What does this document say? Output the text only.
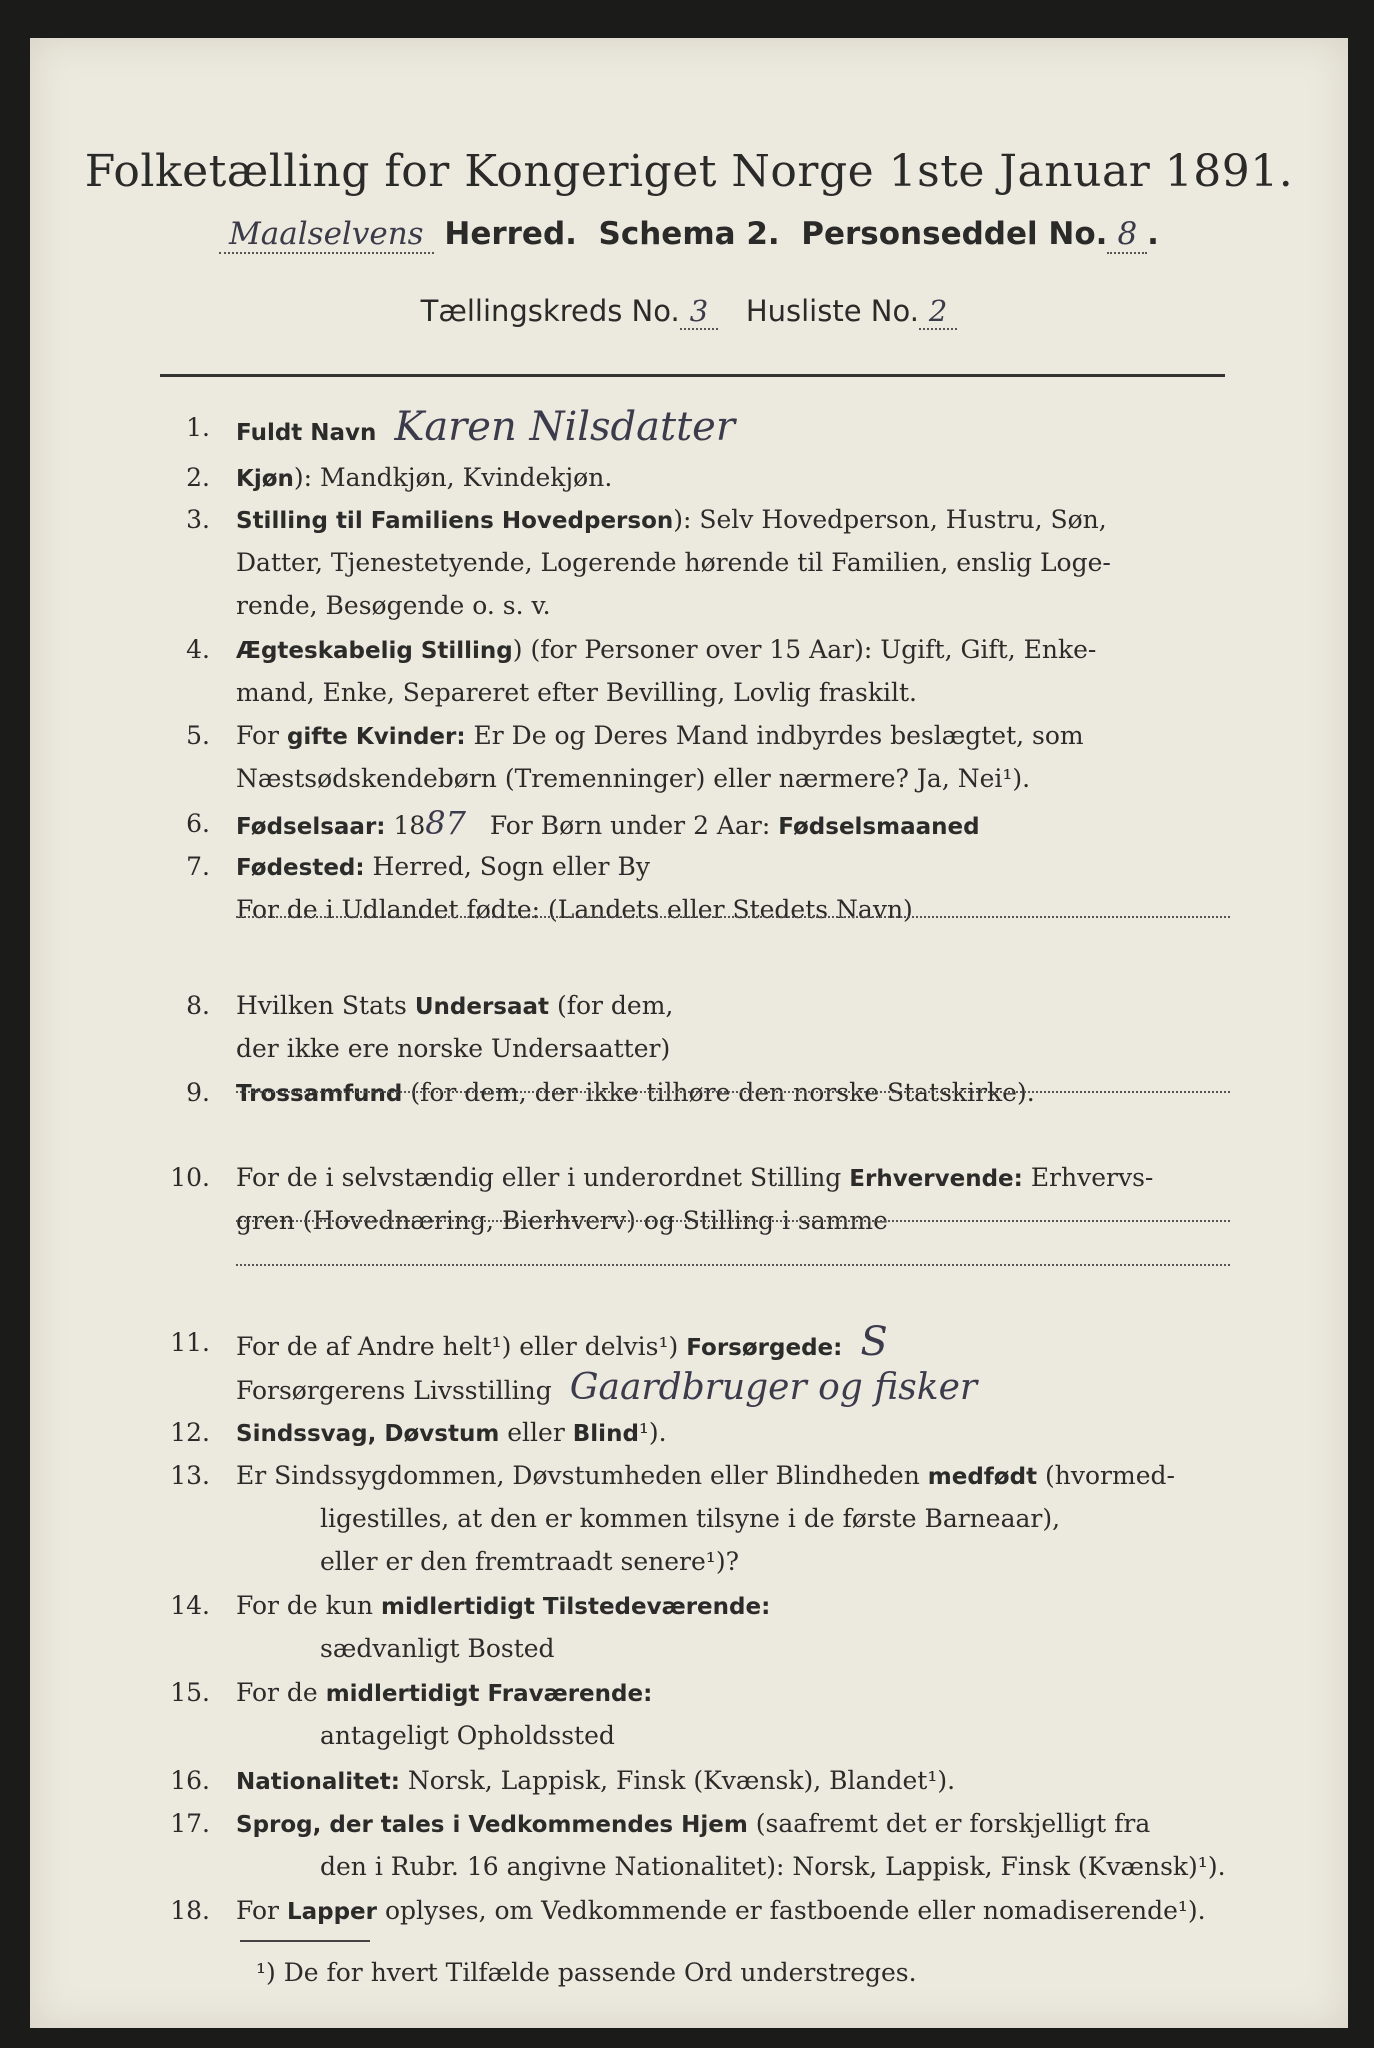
Folketælling for Kongeriget Norge 1ste Januar 1891.
Maalselvens Herred. Schema 2. Personseddel No. 8 .
Tællingskreds No. 3 Husliste No. 2
1. Fuldt Navn Karen Nilsdatter
2. Kjøn): Mandkjøn, Kvindekjøn.
3. Stilling til Familiens Hovedperson): Selv Hovedperson, Hustru, Søn,
Datter, Tjenestetyende, Logerende hørende til Familien, enslig Loge-
rende, Besøgende o. s. v.
4. Ægteskabelig Stilling) (for Personer over 15 Aar): Ugift, Gift, Enke-
mand, Enke, Separeret efter Bevilling, Lovlig fraskilt.
5. For gifte Kvinder: Er De og Deres Mand indbyrdes beslægtet, som
Næstsødskendebørn (Tremenninger) eller nærmere? Ja, Nei¹).
6. Fødselsaar: 1887 For Børn under 2 Aar: Fødselsmaaned
7. Fødested: Herred, Sogn eller By
For de i Udlandet fødte: (Landets eller Stedets Navn)
8. Hvilken Stats Undersaat (for dem,
der ikke ere norske Undersaatter)
9. Trossamfund (for dem, der ikke tilhøre den norske Statskirke).
10. For de i selvstændig eller i underordnet Stilling Erhvervende: Erhvervs-
gren (Hovednæring, Bierhverv) og Stilling i samme
11. For de af Andre helt¹) eller delvis¹) Forsørgede: S
Forsørgerens Livsstilling Gaardbruger og fisker
12. Sindssvag, Døvstum eller Blind¹).
13. Er Sindssygdommen, Døvstumheden eller Blindheden medfødt (hvormed-
ligestilles, at den er kommen tilsyne i de første Barneaar),
eller er den fremtraadt senere¹)?
14. For de kun midlertidigt Tilstedeværende:
sædvanligt Bosted
15. For de midlertidigt Fraværende:
antageligt Opholdssted
16. Nationalitet: Norsk, Lappisk, Finsk (Kvænsk), Blandet¹).
17. Sprog, der tales i Vedkommendes Hjem (saafremt det er forskjelligt fra
den i Rubr. 16 angivne Nationalitet): Norsk, Lappisk, Finsk (Kvænsk)¹).
18. For Lapper oplyses, om Vedkommende er fastboende eller nomadiserende¹).
¹) De for hvert Tilfælde passende Ord understreges.
